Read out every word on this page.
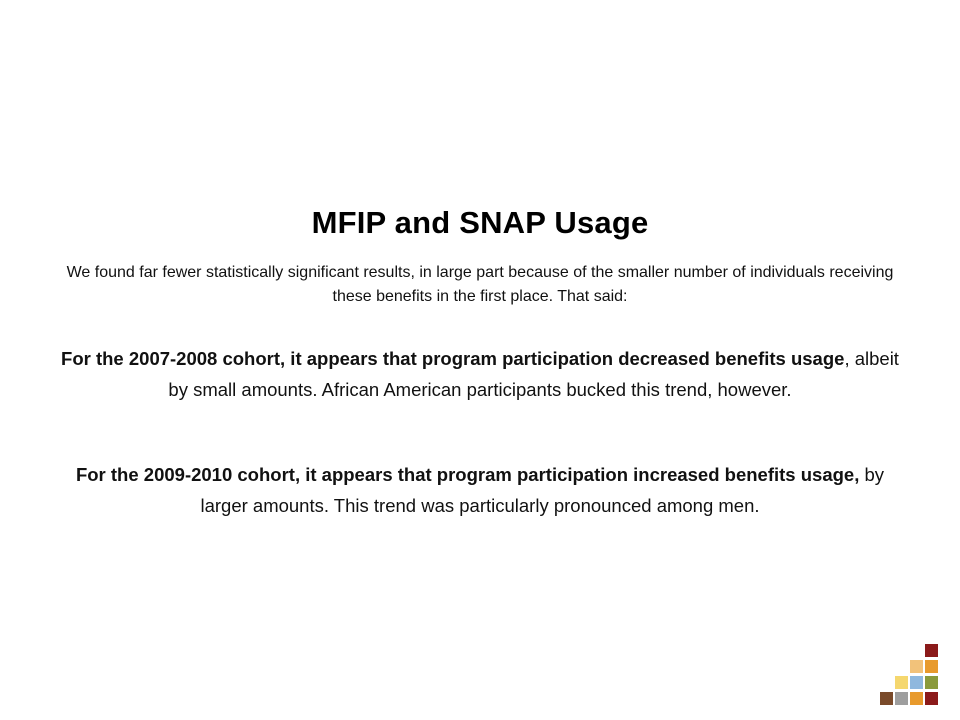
MFIP and SNAP Usage

We found far fewer statistically significant results, in large part because of the smaller number of individuals receiving these benefits in the first place. That said:

For the 2007-2008 cohort, it appears that program participation decreased benefits usage, albeit by small amounts. African American participants bucked this trend, however.

For the 2009-2010 cohort, it appears that program participation increased benefits usage, by larger amounts. This trend was particularly pronounced among men.
